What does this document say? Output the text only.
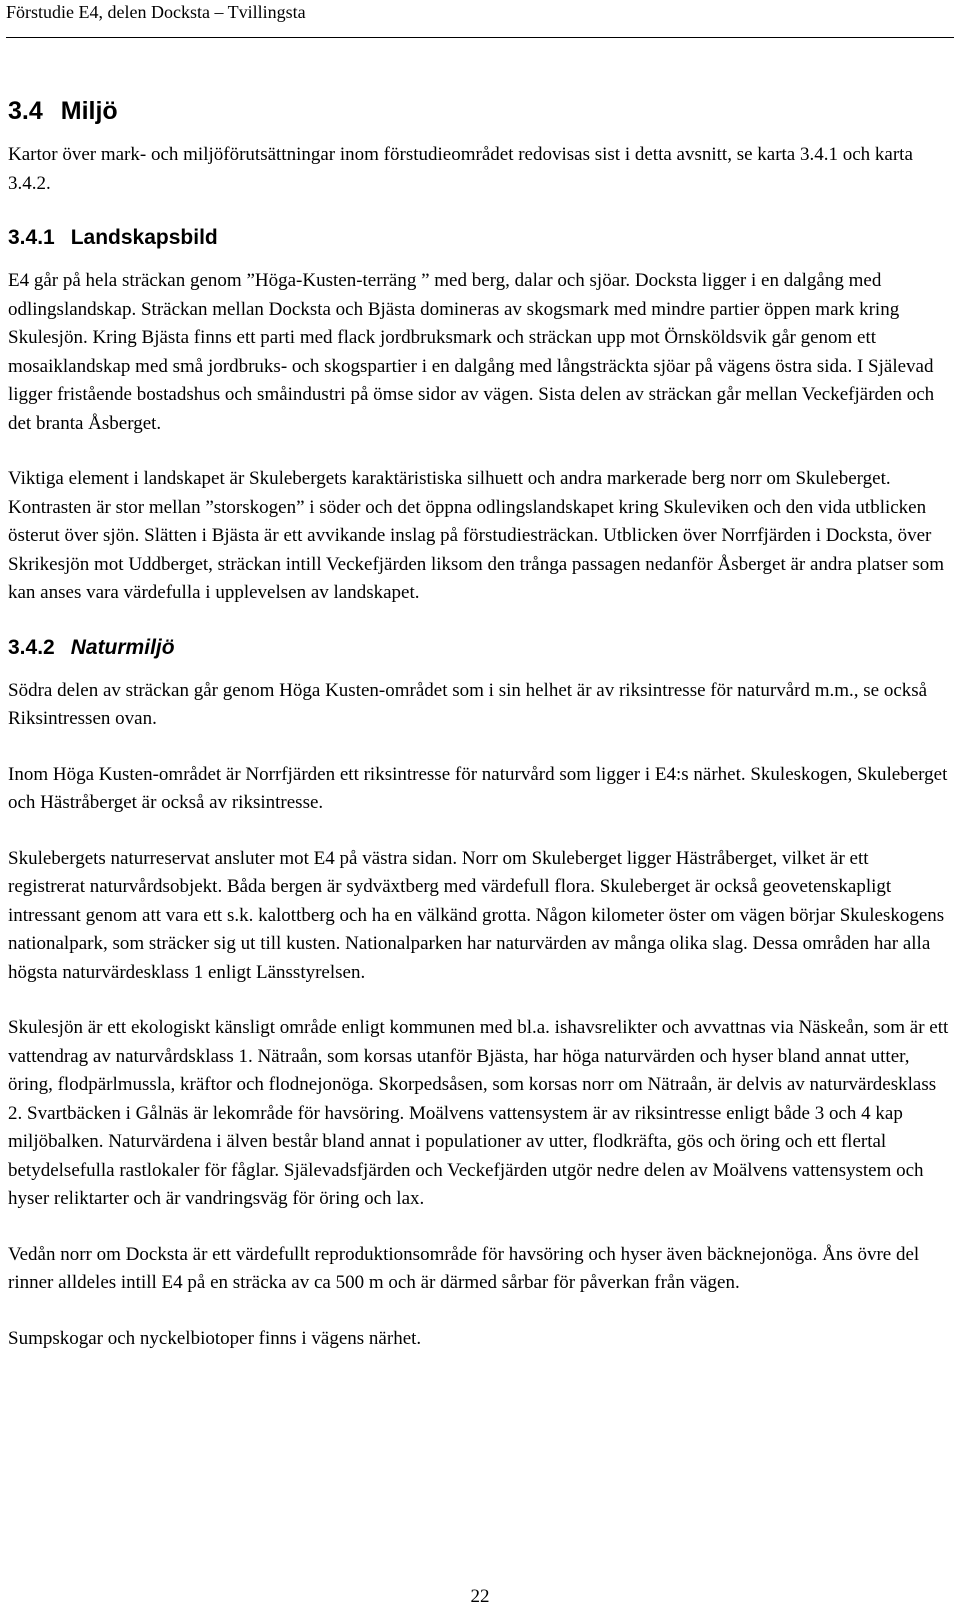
Förstudie E4, delen Docksta – Tvillingsta
3.4 Miljö

Kartor över mark- och miljöförutsättningar inom förstudieområdet redovisas sist i detta avsnitt, se karta 3.4.1 och karta 3.4.2.

3.4.1 Landskapsbild

E4 går på hela sträckan genom ”Höga-Kusten-terräng ” med berg, dalar och sjöar. Docksta ligger i en dalgång med odlingslandskap. Sträckan mellan Docksta och Bjästa domineras av skogsmark med mindre partier öppen mark kring Skulesjön. Kring Bjästa finns ett parti med flack jordbruksmark och sträckan upp mot Örnsköldsvik går genom ett mosaiklandskap med små jordbruks- och skogspartier i en dalgång med långsträckta sjöar på vägens östra sida. I Själevad ligger fristående bostadshus och småindustri på ömse sidor av vägen. Sista delen av sträckan går mellan Veckefjärden och det branta Åsberget.

Viktiga element i landskapet är Skulebergets karaktäristiska silhuett och andra markerade berg norr om Skuleberget. Kontrasten är stor mellan ”storskogen” i söder och det öppna odlingslandskapet kring Skuleviken och den vida utblicken österut över sjön. Slätten i Bjästa är ett avvikande inslag på förstudiesträckan. Utblicken över Norrfjärden i Docksta, över Skrikesjön mot Uddberget, sträckan intill Veckefjärden liksom den trånga passagen nedanför Åsberget är andra platser som kan anses vara värdefulla i upplevelsen av landskapet.

3.4.2 Naturmiljö

Södra delen av sträckan går genom Höga Kusten-området som i sin helhet är av riksintresse för naturvård m.m., se också Riksintressen ovan.

Inom Höga Kusten-området är Norrfjärden ett riksintresse för naturvård som ligger i E4:s närhet. Skuleskogen, Skuleberget och Hästråberget är också av riksintresse.

Skulebergets naturreservat ansluter mot E4 på västra sidan. Norr om Skuleberget ligger Hästråberget, vilket är ett registrerat naturvårdsobjekt. Båda bergen är sydväxtberg med värdefull flora. Skuleberget är också geovetenskapligt intressant genom att vara ett s.k. kalottberg och ha en välkänd grotta. Någon kilometer öster om vägen börjar Skuleskogens nationalpark, som sträcker sig ut till kusten. Nationalparken har naturvärden av många olika slag. Dessa områden har alla högsta naturvärdesklass 1 enligt Länsstyrelsen.

Skulesjön är ett ekologiskt känsligt område enligt kommunen med bl.a. ishavsrelikter och avvattnas via Näskeån, som är ett vattendrag av naturvårdsklass 1. Nätraån, som korsas utanför Bjästa, har höga naturvärden och hyser bland annat utter, öring, flodpärlmussla, kräftor och flodnejonöga. Skorpedsåsen, som korsas norr om Nätraån, är delvis av naturvärdesklass 2. Svartbäcken i Gålnäs är lekområde för havsöring. Moälvens vattensystem är av riksintresse enligt både 3 och 4 kap miljöbalken. Naturvärdena i älven består bland annat i populationer av utter, flodkräfta, gös och öring och ett flertal betydelsefulla rastlokaler för fåglar. Själevadsfjärden och Veckefjärden utgör nedre delen av Moälvens vattensystem och hyser reliktarter och är vandringsväg för öring och lax.

Vedån norr om Docksta är ett värdefullt reproduktionsområde för havsöring och hyser även bäcknejonöga. Åns övre del rinner alldeles intill E4 på en sträcka av ca 500 m och är därmed sårbar för påverkan från vägen.

Sumpskogar och nyckelbiotoper finns i vägens närhet.

22
